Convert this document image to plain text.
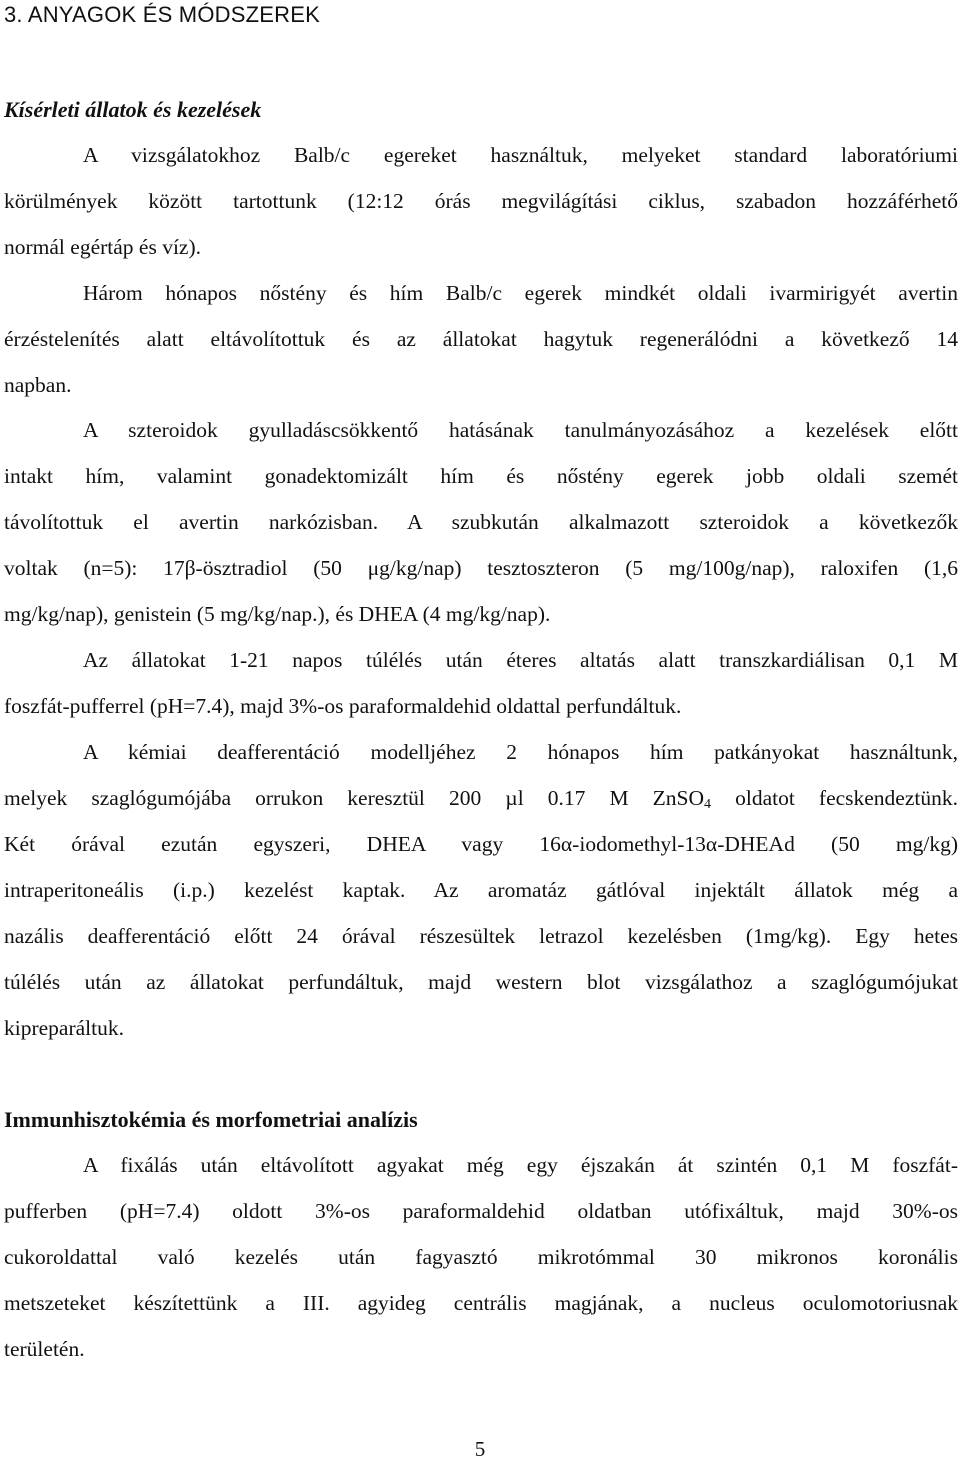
3. ANYAGOK ÉS MÓDSZEREK
Kísérleti állatok és kezelések
A vizsgálatokhoz Balb/c egereket használtuk, melyeket standard laboratóriumi
körülmények között tartottunk (12:12 órás megvilágítási ciklus, szabadon hozzáférhető
normál egértáp és víz).
Három hónapos nőstény és hím Balb/c egerek mindkét oldali ivarmirigyét avertin
érzéstelenítés alatt eltávolítottuk és az állatokat hagytuk regenerálódni a következő 14
napban.
A szteroidok gyulladáscsökkentő hatásának tanulmányozásához a kezelések előtt
intakt hím, valamint gonadektomizált hím és nőstény egerek jobb oldali szemét
távolítottuk el avertin narkózisban. A szubkután alkalmazott szteroidok a következők
voltak (n=5): 17β-ösztradiol (50 μg/kg/nap) tesztoszteron (5 mg/100g/nap), raloxifen (1,6
mg/kg/nap), genistein (5 mg/kg/nap.), és DHEA (4 mg/kg/nap).
Az állatokat 1-21 napos túlélés után éteres altatás alatt transzkardiálisan 0,1 M
foszfát-pufferrel (pH=7.4), majd 3%-os paraformaldehid oldattal perfundáltuk.
A kémiai deafferentáció modelljéhez 2 hónapos hím patkányokat használtunk,
melyek szaglógumójába orrukon keresztül 200 µl 0.17 M ZnSO$_4$ oldatot fecskendeztünk.
Két órával ezután egyszeri, DHEA vagy 16α-iodomethyl-13α-DHEAd (50 mg/kg)
intraperitoneális (i.p.) kezelést kaptak. Az aromatáz gátlóval injektált állatok még a
nazális deafferentáció előtt 24 órával részesültek letrazol kezelésben (1mg/kg). Egy hetes
túlélés után az állatokat perfundáltuk, majd western blot vizsgálathoz a szaglógumójukat
kipreparáltuk.
Immunhisztokémia és morfometriai analízis
A fixálás után eltávolított agyakat még egy éjszakán át szintén 0,1 M foszfát-
pufferben (pH=7.4) oldott 3%-os paraformaldehid oldatban utófixáltuk, majd 30%-os
cukoroldattal való kezelés után fagyasztó mikrotómmal 30 mikronos koronális
metszeteket készítettünk a III. agyideg centrális magjának, a nucleus oculomotoriusnak
területén.
5
